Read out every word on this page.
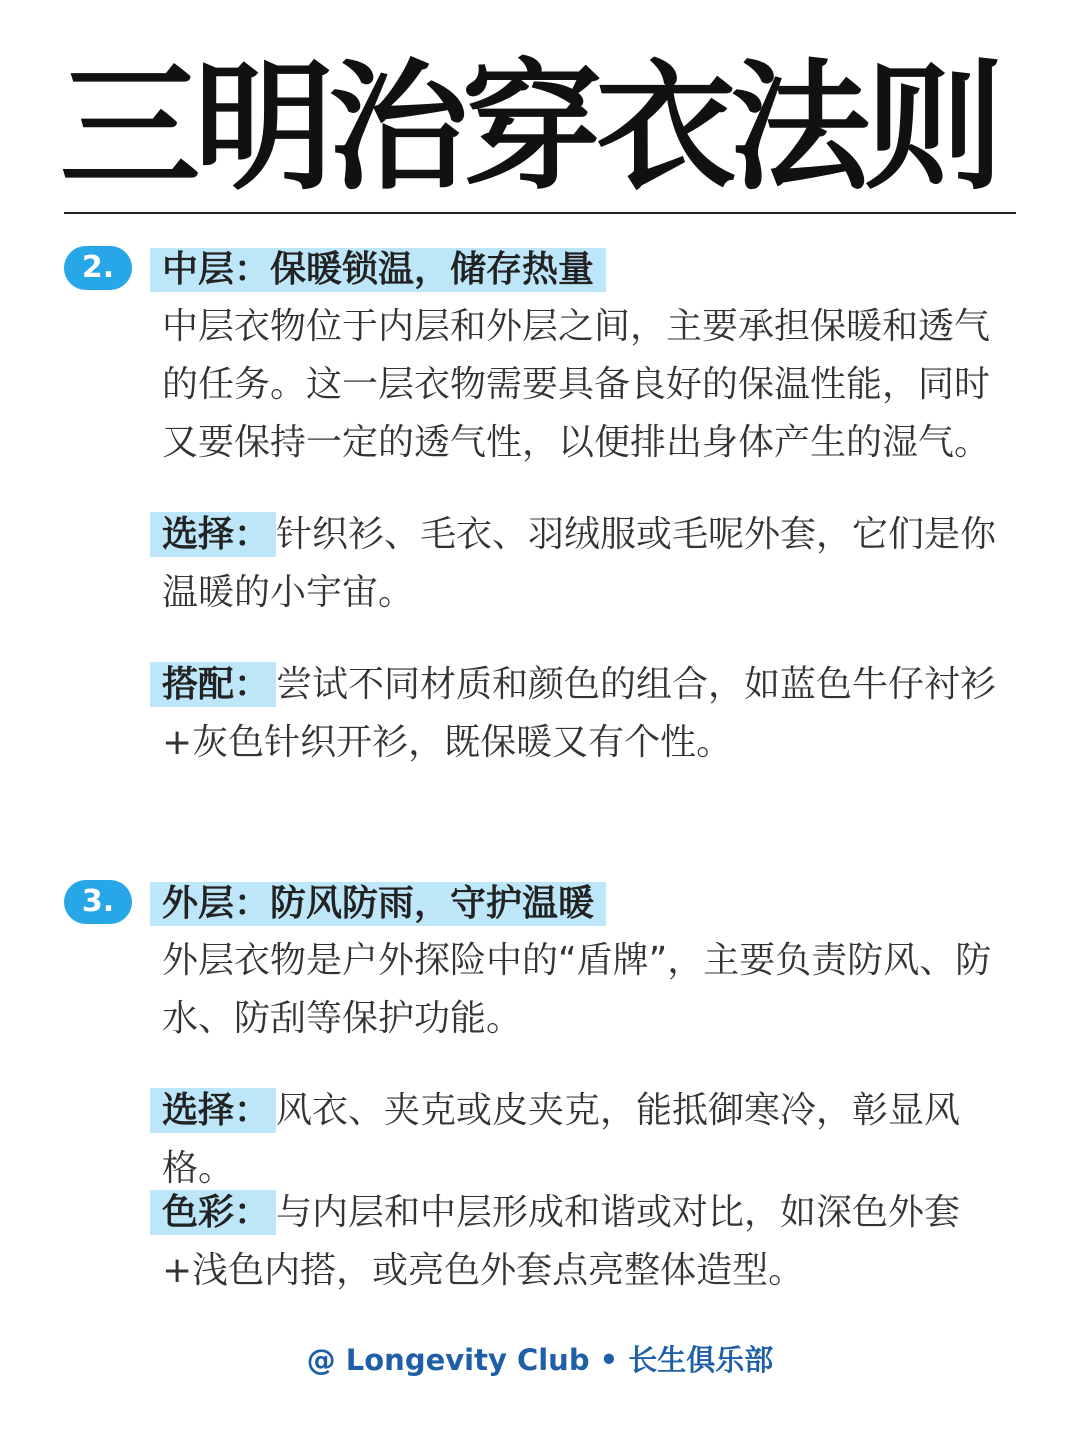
三明治穿衣法则
2.	中层：保暖锁温，储存热量

中层衣物位于内层和外层之间，主要承担保暖和透气的任务。这一层衣物需要具备良好的保温性能，同时又要保持一定的透气性，以便排出身体产生的湿气。

选择： 针织衫、毛衣、羽绒服或毛呢外套，它们是你温暖的小宇宙。

搭配： 尝试不同材质和颜色的组合，如蓝色牛仔衬衫+灰色针织开衫，既保暖又有个性。

3.	外层：防风防雨，守护温暖

外层衣物是户外探险中的“盾牌”，主要负责防风、防水、防刮等保护功能。

选择： 风衣、夹克或皮夹克，能抵御寒冷，彰显风格。

色彩： 与内层和中层形成和谐或对比，如深色外套+浅色内搭，或亮色外套点亮整体造型。

@ Longevity Club • 长生俱乐部
